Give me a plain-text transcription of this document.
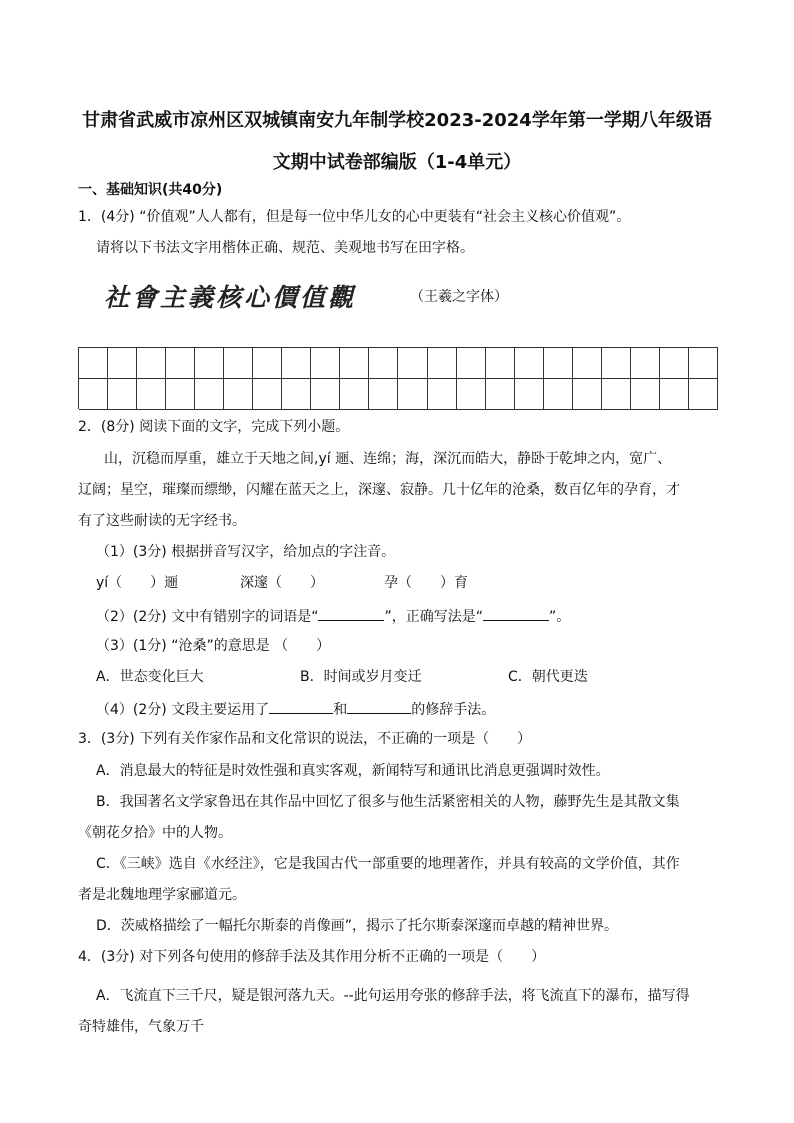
甘肃省武威市凉州区双城镇南安九年制学校2023-2024学年第一学期八年级语
文期中试卷部编版（1-4单元）
一、基础知识(共40分)
1．(4分) “价值观”人人都有，但是每一位中华儿女的心中更装有“社会主义核心价值观”。
请将以下书法文字用楷体正确、规范、美观地书写在田字格。
社會主義核心價值觀	（王羲之字体）
2．(8分) 阅读下面的文字，完成下列小题。
山，沉稳而厚重，雄立于天地之间,yí 逦、连绵；海，深沉而皓大，静卧于乾坤之内，宽广、
辽阔；星空，璀璨而缥缈，闪耀在蓝天之上，深邃、寂静。几十亿年的沧桑，数百亿年的孕育，才
有了这些耐读的无字经书。
（1）(3分) 根据拼音写汉字，给加点的字注音。
yí（　　）逦	深邃（　　）	孕（　　）育
（2）(2分) 文中有错别字的词语是“	”，正确写法是“	”。
（3）(1分) “沧桑”的意思是 （　　）
A．世态变化巨大	B．时间或岁月变迁	C．朝代更迭
（4）(2分) 文段主要运用了	和	的修辞手法。
3．(3分) 下列有关作家作品和文化常识的说法，不正确的一项是（　　）
A．消息最大的特征是时效性强和真实客观，新闻特写和通讯比消息更强调时效性。
B．我国著名文学家鲁迅在其作品中回忆了很多与他生活紧密相关的人物，藤野先生是其散文集
《朝花夕拾》中的人物。
C．《三峡》选自《水经注》，它是我国古代一部重要的地理著作，并具有较高的文学价值，其作
者是北魏地理学家郦道元。
D．茨威格描绘了一幅托尔斯泰的肖像画”，揭示了托尔斯泰深邃而卓越的精神世界。
4．(3分) 对下列各句使用的修辞手法及其作用分析不正确的一项是（　　）
A．飞流直下三千尺，疑是银河落九天。--此句运用夸张的修辞手法，将飞流直下的瀑布，描写得
奇特雄伟，气象万千
